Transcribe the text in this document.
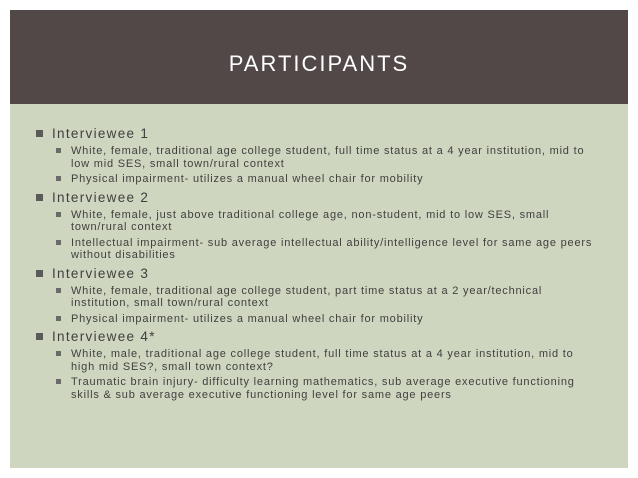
PARTICIPANTS
Interviewee 1
White, female, traditional age college student, full time status at a 4 year institution, mid to low mid SES, small town/rural context
Physical impairment- utilizes a manual wheel chair for mobility
Interviewee 2
White, female, just above traditional college age, non-student, mid to low SES, small town/rural context
Intellectual impairment- sub average intellectual ability/intelligence level for same age peers without disabilities
Interviewee 3
White, female, traditional age college student, part time status at a 2 year/technical institution, small town/rural context
Physical impairment- utilizes a manual wheel chair for mobility
Interviewee 4*
White, male, traditional age college student, full time status at a 4 year institution, mid to high mid SES?, small town context?
Traumatic brain injury- difficulty learning mathematics, sub average executive functioning skills & sub average executive functioning level for same age peers
